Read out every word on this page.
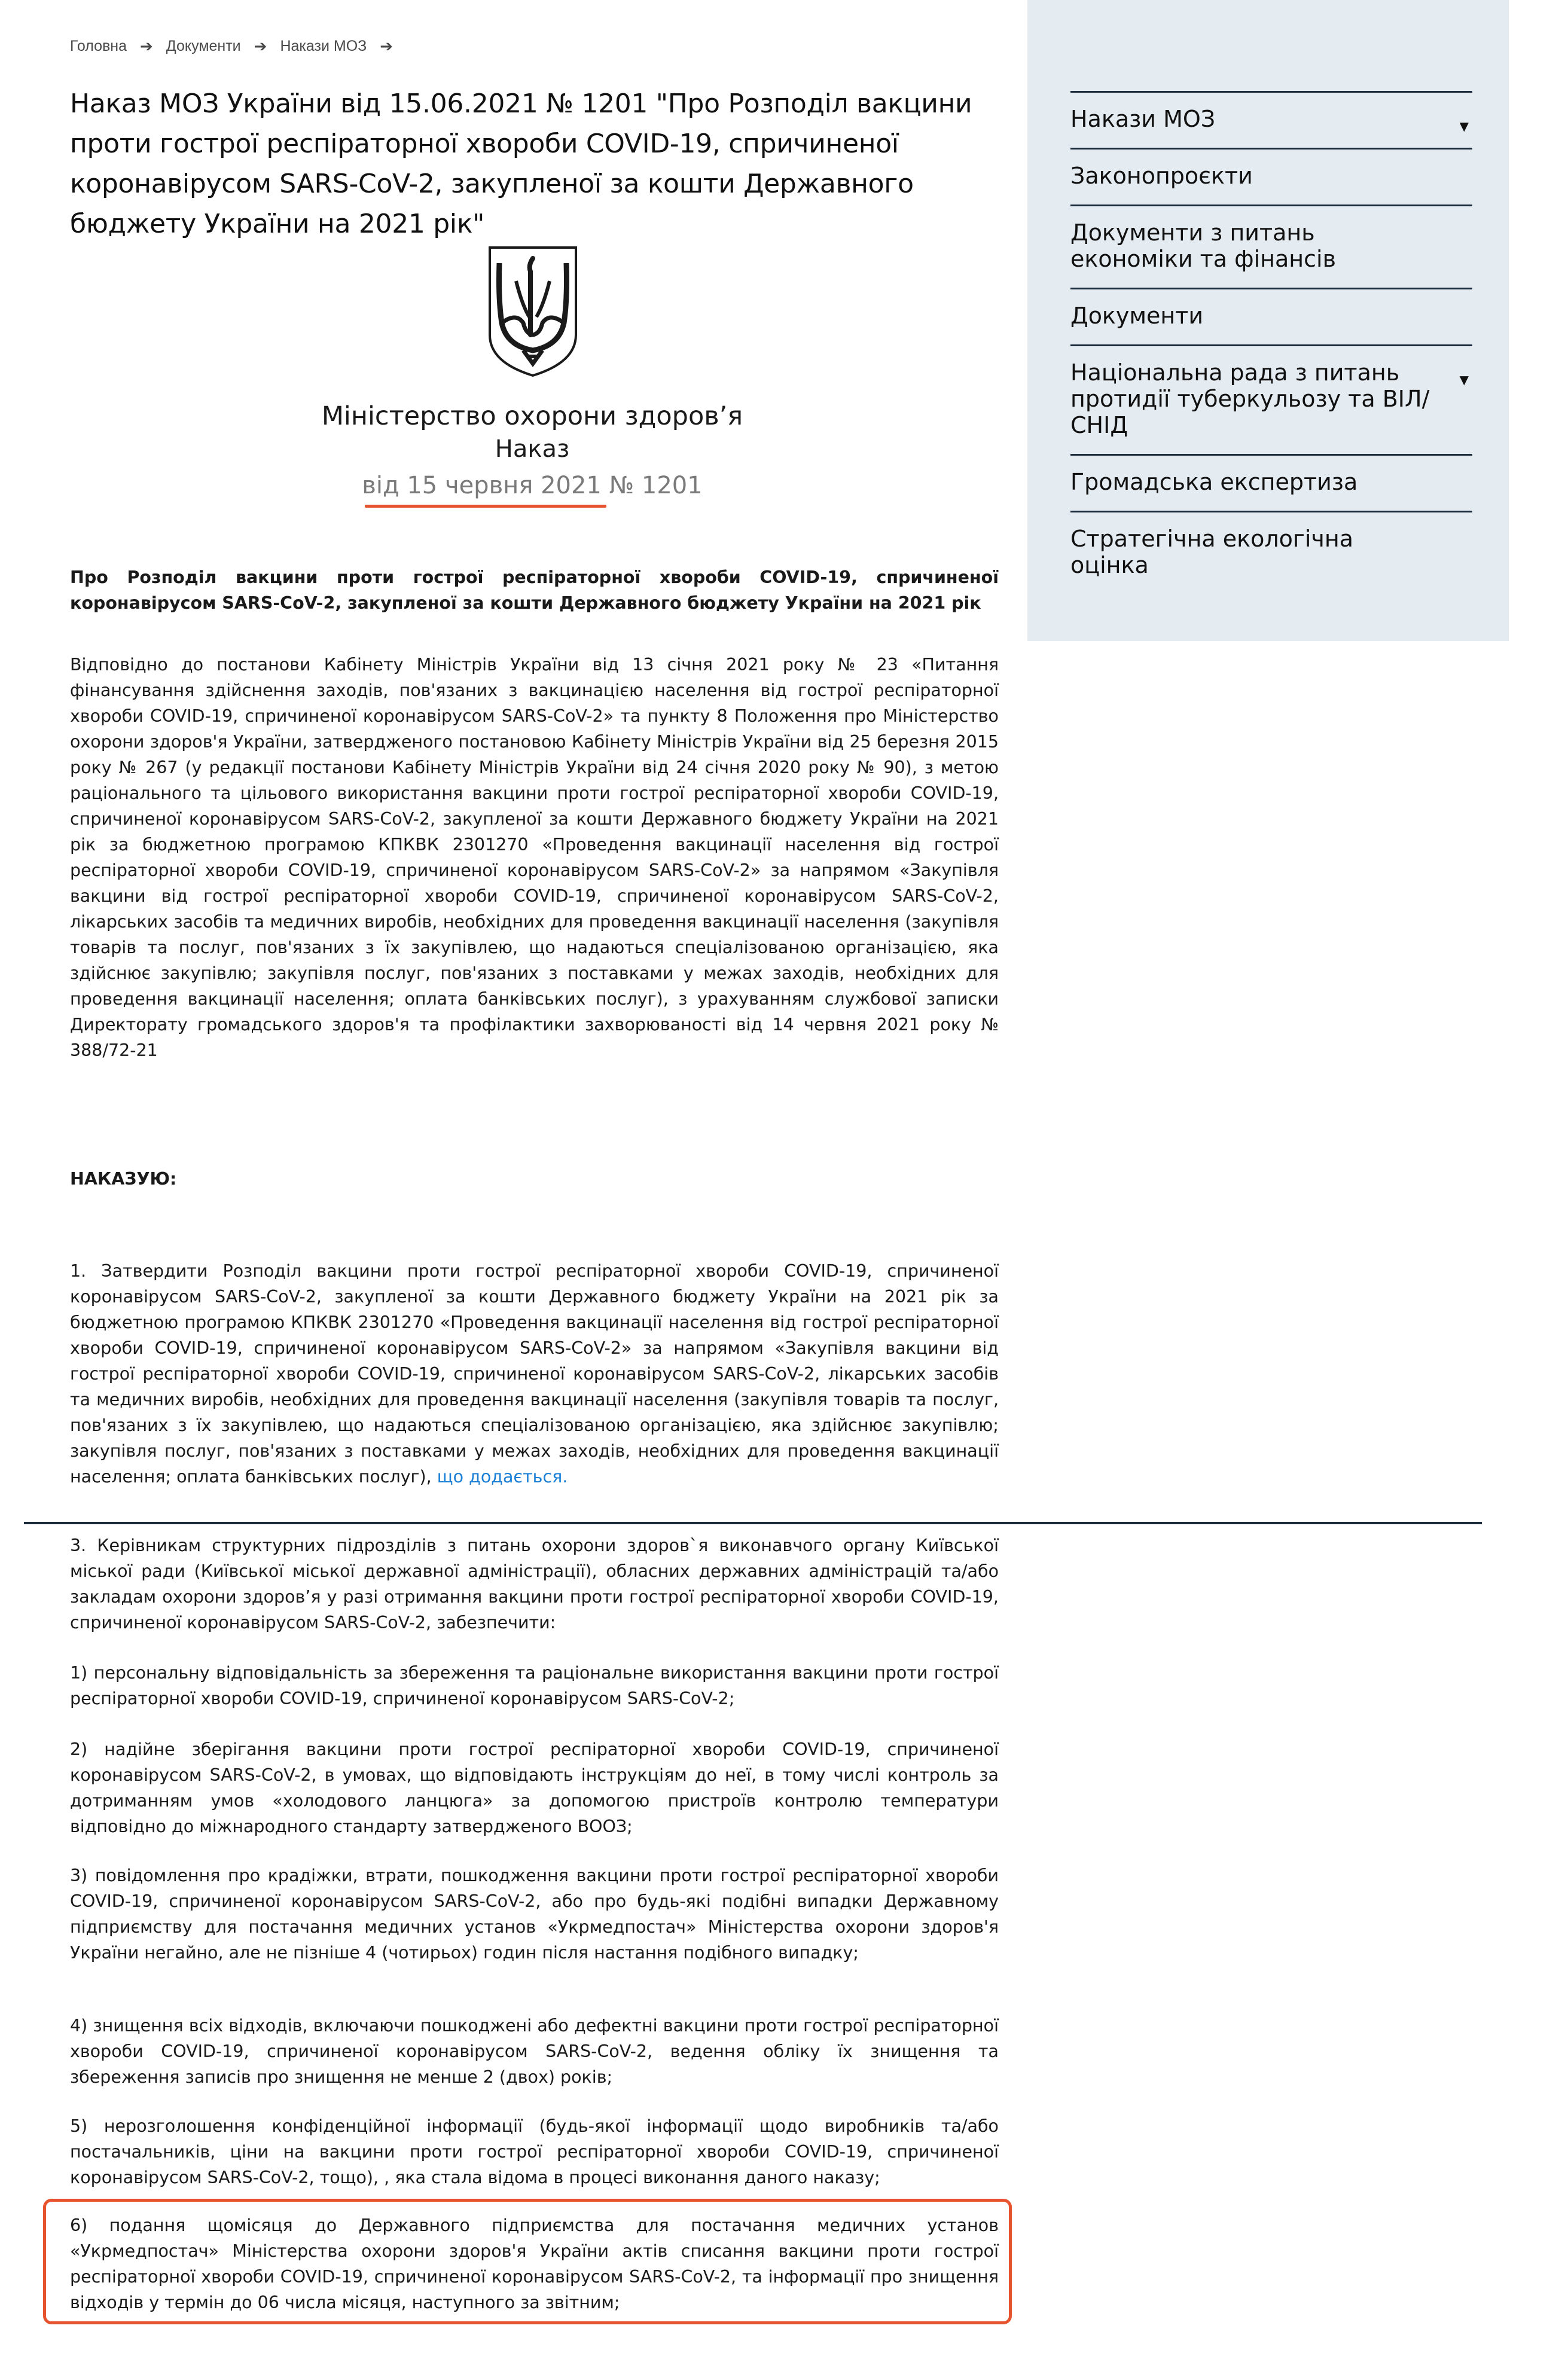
Головна ➔ Документи ➔ Накази МОЗ ➔
Наказ МОЗ України від 15.06.2021 № 1201 "Про Розподіл вакцини проти гострої респіраторної хвороби COVID-19, спричиненої коронавірусом SARS-CoV-2, закупленої за кошти Державного бюджету України на 2021 рік"
Міністерство охорони здоров’я
Наказ
від 15 червня 2021 № 1201

Про Розподіл вакцини проти гострої респіраторної хвороби COVID-19, спричиненої коронавірусом SARS-CoV-2, закупленої за кошти Державного бюджету України на 2021 рік

Відповідно до постанови Кабінету Міністрів України від 13 січня 2021 року № 23 «Питання фінансування здійснення заходів, пов'язаних з вакцинацією населення від гострої респіраторної хвороби COVID-19, спричиненої коронавірусом SARS-CoV-2» та пункту 8 Положення про Міністерство охорони здоров'я України, затвердженого постановою Кабінету Міністрів України від 25 березня 2015 року № 267 (у редакції постанови Кабінету Міністрів України від 24 січня 2020 року № 90), з метою раціонального та цільового використання вакцини проти гострої респіраторної хвороби COVID-19, спричиненої коронавірусом SARS-CoV-2, закупленої за кошти Державного бюджету України на 2021 рік за бюджетною програмою КПКВК 2301270 «Проведення вакцинації населення від гострої респіраторної хвороби COVID-19, спричиненої коронавірусом SARS-CoV-2» за напрямом «Закупівля вакцини від гострої респіраторної хвороби COVID-19, спричиненої коронавірусом SARS-CoV-2, лікарських засобів та медичних виробів, необхідних для проведення вакцинації населення (закупівля товарів та послуг, пов'язаних з їх закупівлею, що надаються спеціалізованою організацією, яка здійснює закупівлю; закупівля послуг, пов'язаних з поставками у межах заходів, необхідних для проведення вакцинації населення; оплата банківських послуг), з урахуванням службової записки Директорату громадського здоров'я та профілактики захворюваності від 14 червня 2021 року № 388/72-21

НАКАЗУЮ:

1. Затвердити Розподіл вакцини проти гострої респіраторної хвороби COVID-19, спричиненої коронавірусом SARS-CoV-2, закупленої за кошти Державного бюджету України на 2021 рік за бюджетною програмою КПКВК 2301270 «Проведення вакцинації населення від гострої респіраторної хвороби COVID-19, спричиненої коронавірусом SARS-CoV-2» за напрямом «Закупівля вакцини від гострої респіраторної хвороби COVID-19, спричиненої коронавірусом SARS-CoV-2, лікарських засобів та медичних виробів, необхідних для проведення вакцинації населення (закупівля товарів та послуг, пов'язаних з їх закупівлею, що надаються спеціалізованою організацією, яка здійснює закупівлю; закупівля послуг, пов'язаних з поставками у межах заходів, необхідних для проведення вакцинації населення; оплата банківських послуг), що додається.

3. Керівникам структурних підрозділів з питань охорони здоров`я виконавчого органу Київської міської ради (Київської міської державної адміністрації), обласних державних адміністрацій та/або закладам охорони здоров’я у разі отримання вакцини проти гострої респіраторної хвороби COVID-19, спричиненої коронавірусом SARS-CoV-2, забезпечити:

1) персональну відповідальність за збереження та раціональне використання вакцини проти гострої респіраторної хвороби COVID-19, спричиненої коронавірусом SARS-CoV-2;

2) надійне зберігання вакцини проти гострої респіраторної хвороби COVID-19, спричиненої коронавірусом SARS-CoV-2, в умовах, що відповідають інструкціям до неї, в тому числі контроль за дотриманням умов «холодового ланцюга» за допомогою пристроїв контролю температури відповідно до міжнародного стандарту затвердженого ВООЗ;

3) повідомлення про крадіжки, втрати, пошкодження вакцини проти гострої респіраторної хвороби COVID-19, спричиненої коронавірусом SARS-CoV-2, або про будь-які подібні випадки Державному підприємству для постачання медичних установ «Укрмедпостач» Міністерства охорони здоров'я України негайно, але не пізніше 4 (чотирьох) годин після настання подібного випадку;

4) знищення всіх відходів, включаючи пошкоджені або дефектні вакцини проти гострої респіраторної хвороби COVID-19, спричиненої коронавірусом SARS-CoV-2, ведення обліку їх знищення та збереження записів про знищення не менше 2 (двох) років;

5) нерозголошення конфіденційної інформації (будь-якої інформації щодо виробників та/або постачальників, ціни на вакцини проти гострої респіраторної хвороби COVID-19, спричиненої коронавірусом SARS-CoV-2, тощо), , яка стала відома в процесі виконання даного наказу;

6) подання щомісяця до Державного підприємства для постачання медичних установ «Укрмедпостач» Міністерства охорони здоров'я України актів списання вакцини проти гострої респіраторної хвороби COVID-19, спричиненої коронавірусом SARS-CoV-2, та інформації про знищення відходів у термін до 06 числа місяця, наступного за звітним;

Накази МОЗ	▼
Законопроєкти
Документи з питань економіки та фінансів
Документи
Національна рада з питань протидії туберкульозу та ВІЛ/СНІД
▼
Громадська експертиза
Стратегічна екологічна оцінка
